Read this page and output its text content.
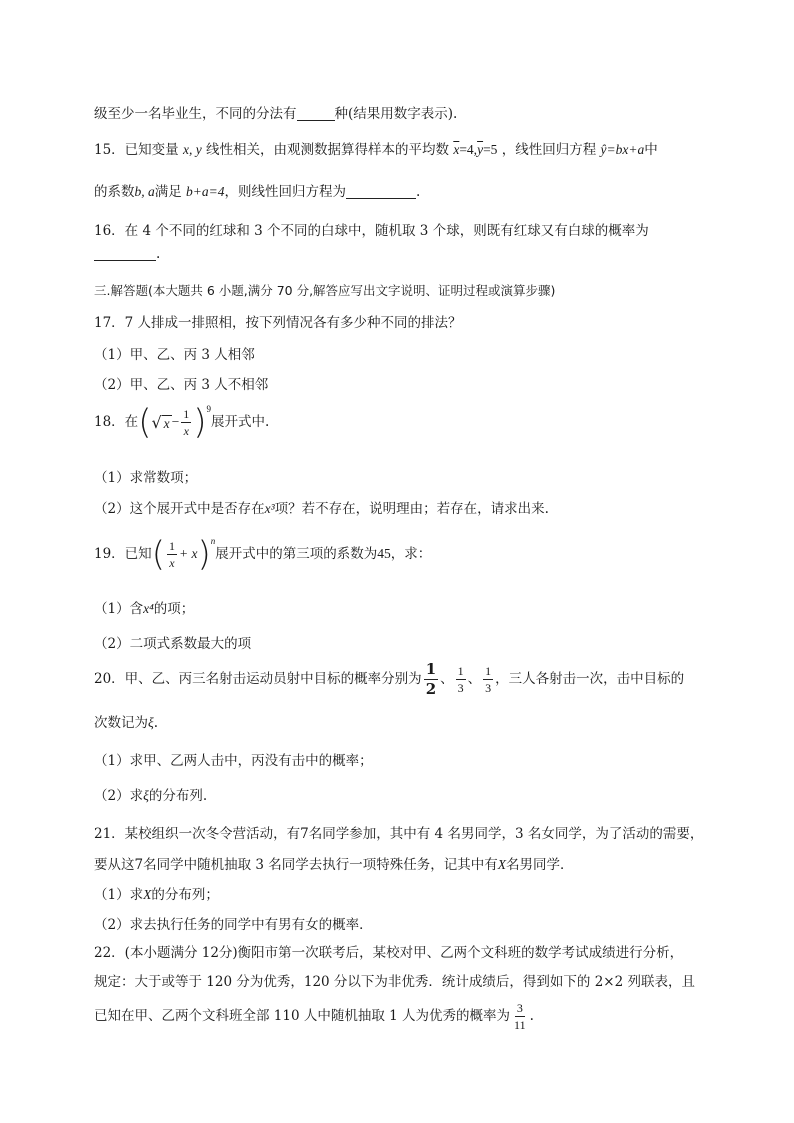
级至少一名毕业生，不同的分法有	种(结果用数字表示).
15．已知变量 x, y 线性相关，由观测数据算得样本的平均数 $\overline{x}=4,\overline{y}=5$ ，线性回归方程 ŷ=bx+a中
的系数b, a满足 b+a=4，则线性回归方程为	.
16．在 4 个不同的红球和 3 个不同的白球中，随机取 3 个球，则既有红球又有白球的概率为
.
三.解答题(本大题共 6 小题,满分 70 分,解答应写出文字说明、证明过程或演算步骤)
17．7 人排成一排照相，按下列情况各有多少种不同的排法？
（1）甲、乙、丙 3 人相邻
（2）甲、乙、丙 3 人不相邻
18．在(√ $x - \frac{1}{x} )^9$展开式中.
（1）求常数项；
（2）这个展开式中是否存在x³项？若不存在，说明理由；若存在，请求出来.
19．已知( $\frac{1}{x} + x)^n$展开式中的第三项的系数为45，求：
（1）含x⁴的项；
（2）二项式系数最大的项
20．甲、乙、丙三名射击运动员射中目标的概率分别为 $\frac{1}{2}$ 、 $\frac{1}{3}$ 、 $\frac{1}{3}$ ，三人各射击一次，击中目标的
次数记为ξ.
（1）求甲、乙两人击中，丙没有击中的概率；
（2）求ξ的分布列.
21．某校组织一次冬令营活动，有7名同学参加，其中有 4 名男同学，3 名女同学，为了活动的需要，
要从这7名同学中随机抽取 3 名同学去执行一项特殊任务，记其中有X名男同学．
（1）求X的分布列；
（2）求去执行任务的同学中有男有女的概率．
22．(本小题满分 12分)衡阳市第一次联考后，某校对甲、乙两个文科班的数学考试成绩进行分析，
规定：大于或等于 120 分为优秀，120 分以下为非优秀．统计成绩后，得到如下的 2×2 列联表，且
已知在甲、乙两个文科班全部 110 人中随机抽取 1 人为优秀的概率为 $\frac{3}{11}$ .
